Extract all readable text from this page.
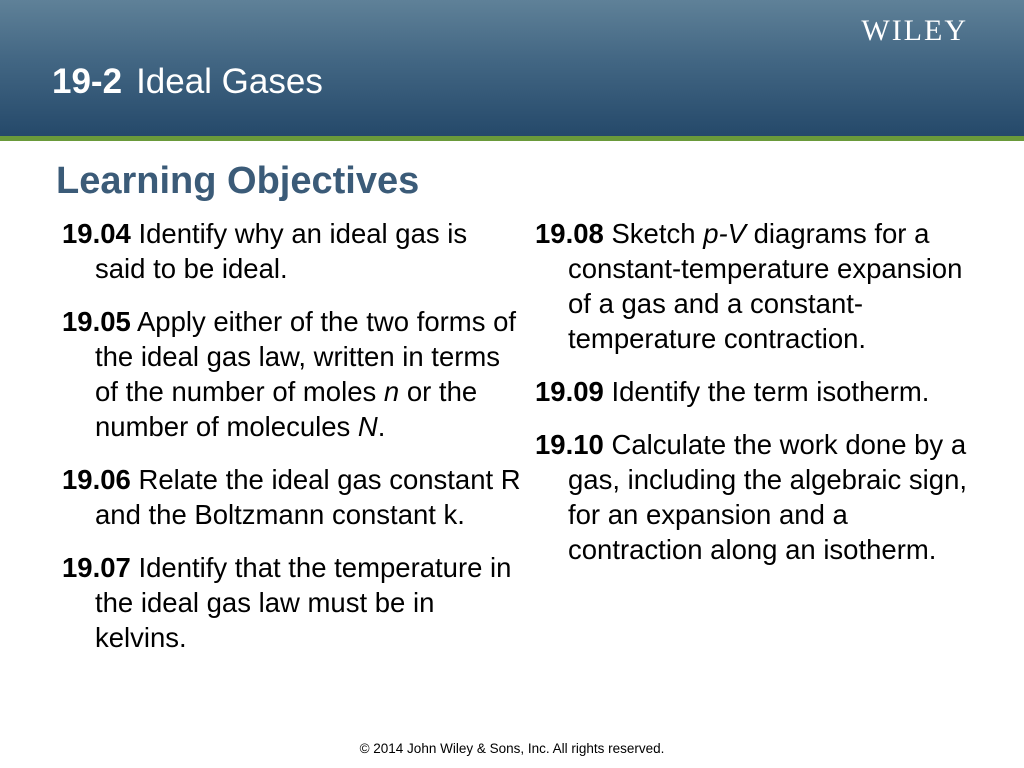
WILEY
19-2 Ideal Gases
Learning Objectives

19.04 Identify why an ideal gas is said to be ideal.

19.05 Apply either of the two forms of the ideal gas law, written in terms of the number of moles n or the number of molecules N.

19.06 Relate the ideal gas constant R and the Boltzmann constant k.

19.07 Identify that the temperature in the ideal gas law must be in kelvins.

19.08 Sketch p-V diagrams for a constant-temperature expansion of a gas and a constant-temperature contraction.

19.09 Identify the term isotherm.

19.10 Calculate the work done by a gas, including the algebraic sign, for an expansion and a contraction along an isotherm.

© 2014 John Wiley & Sons, Inc. All rights reserved.
